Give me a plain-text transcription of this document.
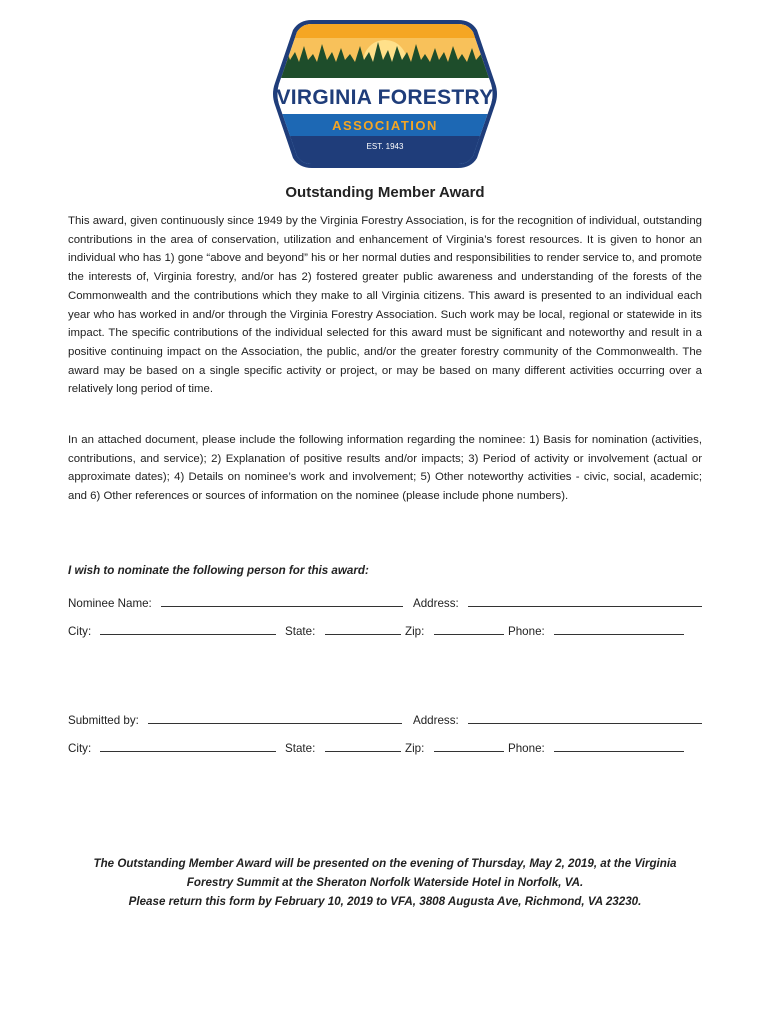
VIRGINIA FORESTRY
ASSOCIATION
EST. 1943
Outstanding Member Award

This award, given continuously since 1949 by the Virginia Forestry Association, is for the recognition of individual, outstanding contributions in the area of conservation, utilization and enhancement of Virginia’s forest resources. It is given to honor an individual who has 1) gone “above and beyond” his or her normal duties and responsibilities to render service to, and promote the interests of, Virginia forestry, and/or has 2) fostered greater public awareness and understanding of the forests of the Commonwealth and the contributions which they make to all Virginia citizens. This award is presented to an individual each year who has worked in and/or through the Virginia Forestry Association. Such work may be local, regional or statewide in its impact. The specific contributions of the individual selected for this award must be significant and noteworthy and result in a positive continuing impact on the Association, the public, and/or the greater forestry community of the Commonwealth. The award may be based on a single specific activity or project, or may be based on many different activities occurring over a relatively long period of time.

In an attached document, please include the following information regarding the nominee: 1) Basis for nomination (activities, contributions, and service); 2) Explanation of positive results and/or impacts; 3) Period of activity or involvement (actual or approximate dates); 4) Details on nominee’s work and involvement; 5) Other noteworthy activities - civic, social, academic; and 6) Other references or sources of information on the nominee (please include phone numbers).

I wish to nominate the following person for this award:
Nominee Name:	Address:
City:	State:	Zip:	Phone:
Submitted by:	Address:
City:	State:	Zip:	Phone:
The Outstanding Member Award will be presented on the evening of Thursday, May 2, 2019, at the Virginia
Forestry Summit at the Sheraton Norfolk Waterside Hotel in Norfolk, VA.
Please return this form by February 10, 2019 to VFA, 3808 Augusta Ave, Richmond, VA 23230.
